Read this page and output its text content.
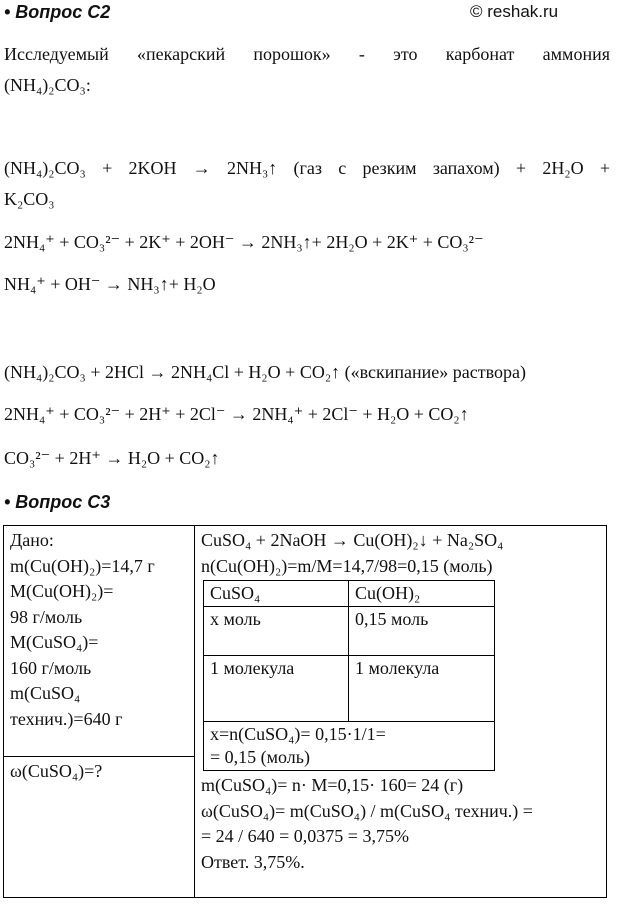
• Вопрос С2	© reshak.ru
Исследуемый «пекарский порошок» - это карбонат аммония
(NH₄)₂CO₃:
(NH₄)₂CO₃ + 2KOH → 2NH₃↑ (газ с резким запахом) + 2H₂O +
K₂CO₃
2NH₄⁺ + CO₃²⁻ + 2K⁺ + 2OH⁻ → 2NH₃↑+ 2H₂O + 2K⁺ + CO₃²⁻
NH₄⁺ + OH⁻ → NH₃↑+ H₂O
(NH₄)₂CO₃ + 2HCl → 2NH₄Cl + H₂O + CO₂↑ («вскипание» раствора)
2NH₄⁺ + CO₃²⁻ + 2H⁺ + 2Cl⁻ → 2NH₄⁺ + 2Cl⁻ + H₂O + CO₂↑
CO₃²⁻ + 2H⁺ → H₂O + CO₂↑
• Вопрос С3
Дано:
m(Cu(OH)₂)=14,7 г
M(Cu(OH)₂)=
98 г/моль
M(CuSO₄)=
160 г/моль
m(CuSO₄
технич.)=640 г

CuSO₄ + 2NaOH → Cu(OH)₂↓ + Na₂SO₄
n(Cu(OH)₂)=m/M=14,7/98=0,15 (моль)
CuSO₄	Cu(OH)₂
x моль	0,15 моль
1 молекула	1 молекула

x=n(CuSO₄)= 0,15·1/1=
= 0,15 (моль)
m(CuSO₄)= n· M=0,15· 160= 24 (г)
ω(CuSO₄)= m(CuSO₄) / m(CuSO₄ технич.) =
= 24 / 640 = 0,0375 = 3,75%
Ответ. 3,75%.

ω(CuSO₄)=?
